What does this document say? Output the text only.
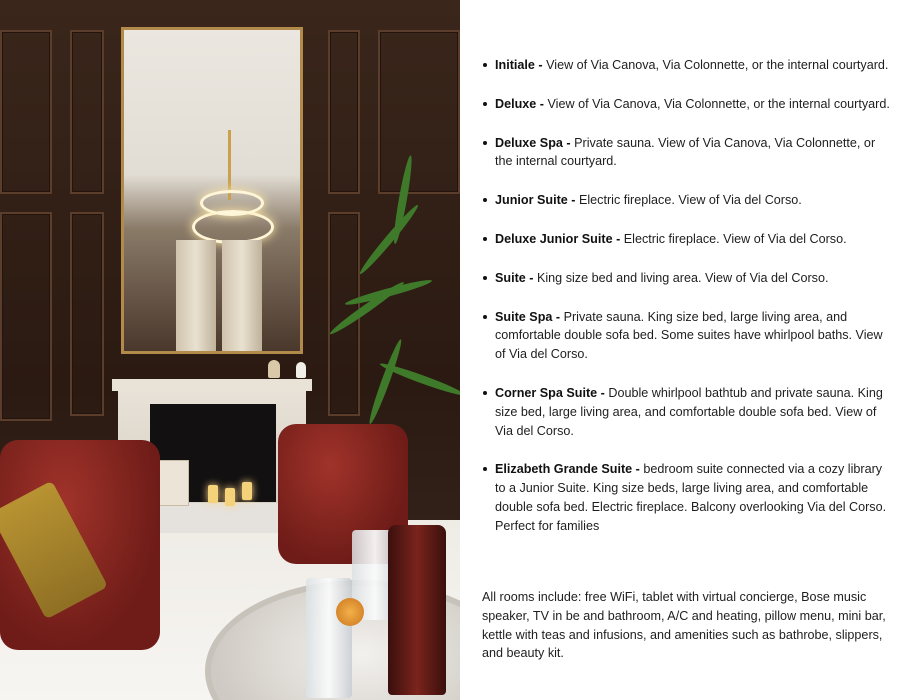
Initiale - View of Via Canova, Via Colonnette, or the internal courtyard.
Deluxe - View of Via Canova, Via Colonnette, or the internal courtyard.
Deluxe Spa - Private sauna. View of Via Canova, Via Colonnette, or the internal courtyard.
Junior Suite - Electric fireplace. View of Via del Corso.
Deluxe Junior Suite - Electric fireplace. View of Via del Corso.
Suite - King size bed and living area. View of Via del Corso.
Suite Spa - Private sauna. King size bed, large living area, and comfortable double sofa bed. Some suites have whirlpool baths. View of Via del Corso.
Corner Spa Suite - Double whirlpool bathtub and private sauna. King size bed, large living area, and comfortable double sofa bed. View of Via del Corso.
Elizabeth Grande Suite - bedroom suite connected via a cozy library to a Junior Suite. King size beds, large living area, and comfortable double sofa bed. Electric fireplace. Balcony overlooking Via del Corso. Perfect for families

All rooms include: free WiFi, tablet with virtual concierge, Bose music speaker, TV in be and bathroom, A/C and heating, pillow menu, mini bar, kettle with teas and infusions, and amenities such as bathrobe, slippers, and beauty kit.
